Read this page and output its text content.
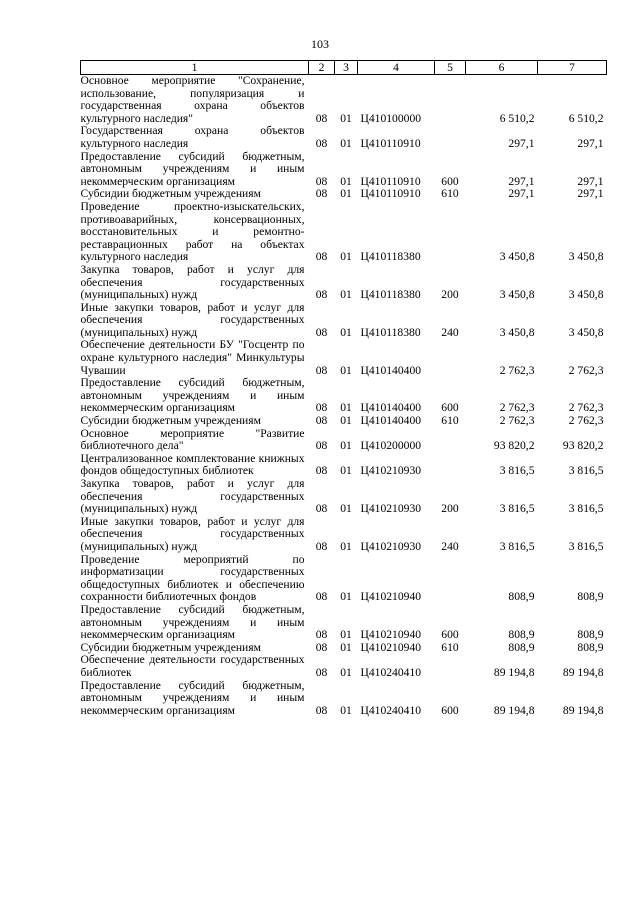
103
1	2	3	4	5	6	7
Основное мероприятие "Сохранение, использование, популяризация и государственная охрана объектов культурного наследия"	08	01	Ц410100000		6 510,2	6 510,2
Государственная охрана объектов культурного наследия	08	01	Ц410110910		297,1	297,1
Предоставление субсидий бюджетным, автономным учреждениям и иным некоммерческим организациям	08	01	Ц410110910	600	297,1	297,1
Субсидии бюджетным учреждениям	08	01	Ц410110910	610	297,1	297,1
Проведение проектно-изыскательских, противоаварийных, консервационных, восстановительных и ремонтно-реставрационных работ на объектах культурного наследия	08	01	Ц410118380		3 450,8	3 450,8
Закупка товаров, работ и услуг для обеспечения государственных (муниципальных) нужд	08	01	Ц410118380	200	3 450,8	3 450,8
Иные закупки товаров, работ и услуг для обеспечения государственных (муниципальных) нужд	08	01	Ц410118380	240	3 450,8	3 450,8
Обеспечение деятельности БУ "Госцентр по охране культурного наследия" Минкультуры Чувашии	08	01	Ц410140400		2 762,3	2 762,3
Предоставление субсидий бюджетным, автономным учреждениям и иным некоммерческим организациям	08	01	Ц410140400	600	2 762,3	2 762,3
Субсидии бюджетным учреждениям	08	01	Ц410140400	610	2 762,3	2 762,3
Основное мероприятие "Развитие библиотечного дела"	08	01	Ц410200000		93 820,2	93 820,2
Централизованное комплектование книжных фондов общедоступных библиотек	08	01	Ц410210930		3 816,5	3 816,5
Закупка товаров, работ и услуг для обеспечения государственных (муниципальных) нужд	08	01	Ц410210930	200	3 816,5	3 816,5
Иные закупки товаров, работ и услуг для обеспечения государственных (муниципальных) нужд	08	01	Ц410210930	240	3 816,5	3 816,5
Проведение мероприятий по информатизации государственных общедоступных библиотек и обеспечению сохранности библиотечных фондов	08	01	Ц410210940		808,9	808,9
Предоставление субсидий бюджетным, автономным учреждениям и иным некоммерческим организациям	08	01	Ц410210940	600	808,9	808,9
Субсидии бюджетным учреждениям	08	01	Ц410210940	610	808,9	808,9
Обеспечение деятельности государственных библиотек	08	01	Ц410240410		89 194,8	89 194,8
Предоставление субсидий бюджетным, автономным учреждениям и иным некоммерческим организациям	08	01	Ц410240410	600	89 194,8	89 194,8
